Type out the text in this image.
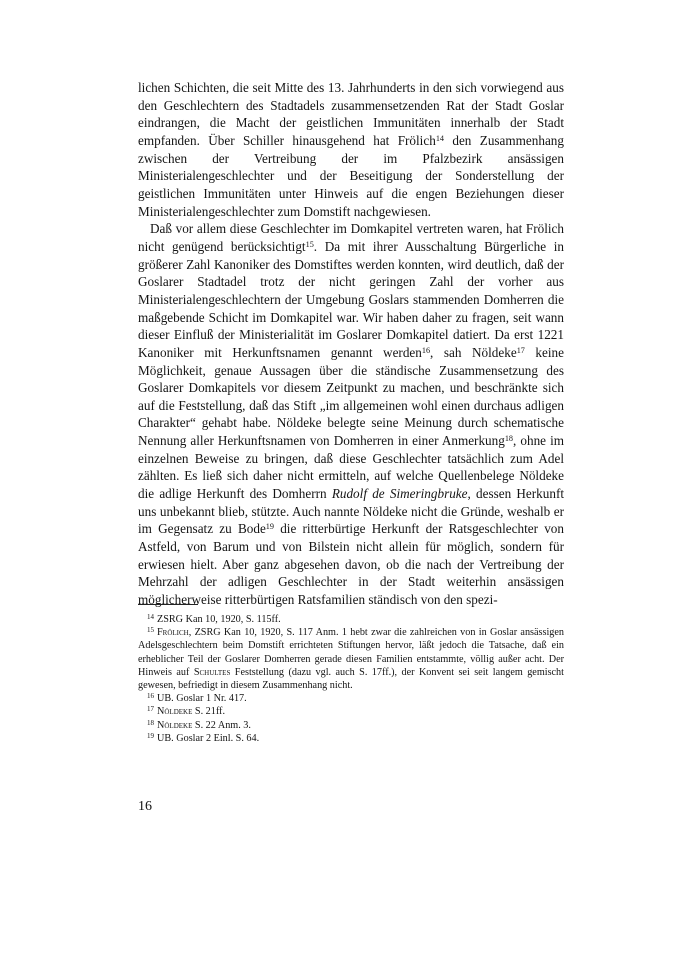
lichen Schichten, die seit Mitte des 13. Jahrhunderts in den sich vorwiegend aus den Geschlechtern des Stadtadels zusammensetzenden Rat der Stadt Goslar eindrangen, die Macht der geistlichen Immunitäten innerhalb der Stadt empfanden. Über Schiller hinausgehend hat Frölich$^{14}$ den Zusammenhang zwischen der Vertreibung der im Pfalzbezirk ansässigen Ministerialengeschlechter und der Beseitigung der Sonderstellung der geistlichen Immunitäten unter Hinweis auf die engen Beziehungen dieser Ministerialengeschlechter zum Domstift nachgewiesen.

Daß vor allem diese Geschlechter im Domkapitel vertreten waren, hat Frölich nicht genügend berücksichtigt$^{15}$. Da mit ihrer Ausschaltung Bürgerliche in größerer Zahl Kanoniker des Domstiftes werden konnten, wird deutlich, daß der Goslarer Stadtadel trotz der nicht geringen Zahl der vorher aus Ministerialengeschlechtern der Umgebung Goslars stammenden Domherren die maßgebende Schicht im Domkapitel war. Wir haben daher zu fragen, seit wann dieser Einfluß der Ministerialität im Goslarer Domkapitel datiert. Da erst 1221 Kanoniker mit Herkunftsnamen genannt werden$^{16}$, sah Nöldeke$^{17}$ keine Möglichkeit, genaue Aussagen über die ständische Zusammensetzung des Goslarer Domkapitels vor diesem Zeitpunkt zu machen, und beschränkte sich auf die Feststellung, daß das Stift „im allgemeinen wohl einen durchaus adligen Charakter“ gehabt habe. Nöldeke belegte seine Meinung durch schematische Nennung aller Herkunftsnamen von Domherren in einer Anmerkung$^{18}$, ohne im einzelnen Beweise zu bringen, daß diese Geschlechter tatsächlich zum Adel zählten. Es ließ sich daher nicht ermitteln, auf welche Quellenbelege Nöldeke die adlige Herkunft des Domherrn Rudolf de Simeringbruke, dessen Herkunft uns unbekannt blieb, stützte. Auch nannte Nöldeke nicht die Gründe, weshalb er im Gegensatz zu Bode$^{19}$ die ritterbürtige Herkunft der Ratsgeschlechter von Astfeld, von Barum und von Bilstein nicht allein für möglich, sondern für erwiesen hielt. Aber ganz abgesehen davon, ob die nach der Vertreibung der Mehrzahl der adligen Geschlechter in der Stadt weiterhin ansässigen möglicherweise ritterbürtigen Ratsfamilien ständisch von den spezi-

$^{14}$ ZSRG Kan 10, 1920, S. 115ff.

$^{15}$ Frölich, ZSRG Kan 10, 1920, S. 117 Anm. 1 hebt zwar die zahlreichen von in Goslar ansässigen Adelsgeschlechtern beim Domstift errichteten Stiftungen hervor, läßt jedoch die Tatsache, daß ein erheblicher Teil der Goslarer Domherren gerade diesen Familien entstammte, völlig außer acht. Der Hinweis auf Schultes Feststellung (dazu vgl. auch S. 17ff.), der Konvent sei seit langem gemischt gewesen, befriedigt in diesem Zusammenhang nicht.

$^{16}$ UB. Goslar 1 Nr. 417.

$^{17}$ Nöldeke S. 21ff.

$^{18}$ Nöldeke S. 22 Anm. 3.

$^{19}$ UB. Goslar 2 Einl. S. 64.

16
